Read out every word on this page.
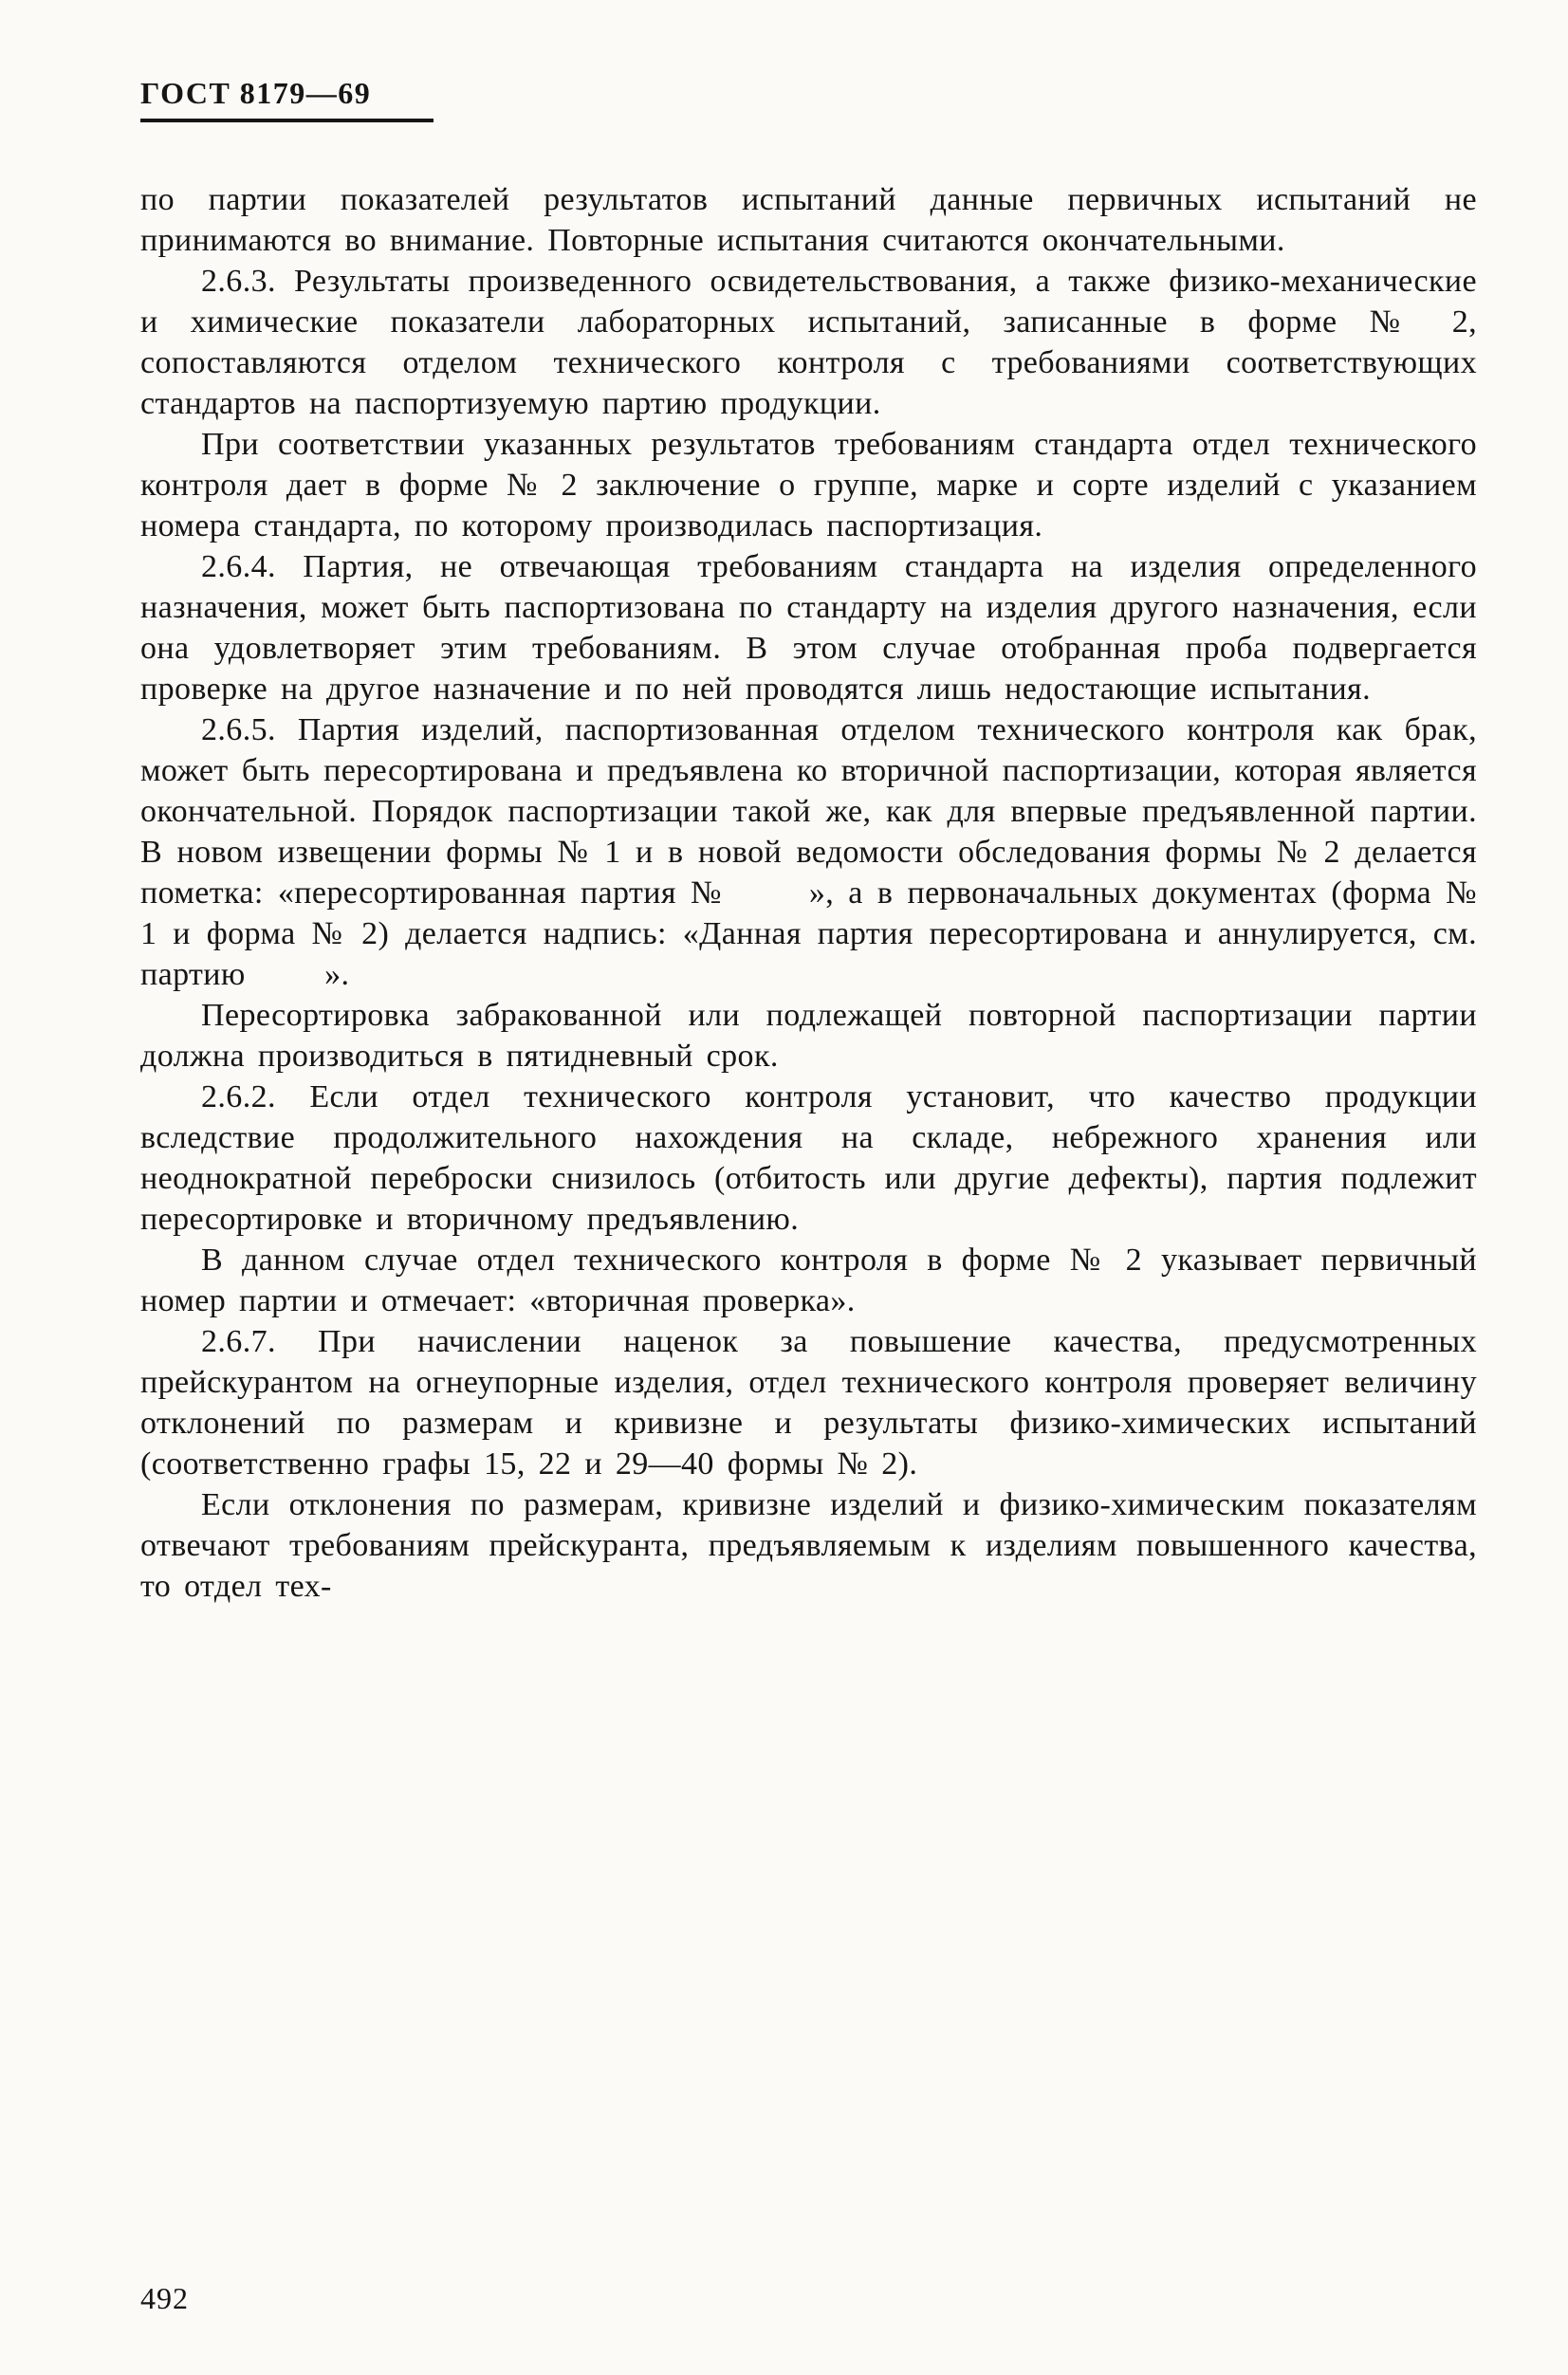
ГОСТ 8179—69

по партии показателей результатов испытаний данные первичных испытаний не принимаются во внимание. Повторные испытания считаются окончательными.

2.6.3. Результаты произведенного освидетельствования, а также физико-механические и химические показатели лабораторных испытаний, записанные в форме № 2, сопоставляются отделом технического контроля с требованиями соответствующих стандартов на паспортизуемую партию продукции.

При соответствии указанных результатов требованиям стандарта отдел технического контроля дает в форме № 2 заключение о группе, марке и сорте изделий с указанием номера стандарта, по которому производилась паспортизация.

2.6.4. Партия, не отвечающая требованиям стандарта на изделия определенного назначения, может быть паспортизована по стандарту на изделия другого назначения, если она удовлетворяет этим требованиям. В этом случае отобранная проба подвергается проверке на другое назначение и по ней проводятся лишь недостающие испытания.

2.6.5. Партия изделий, паспортизованная отделом технического контроля как брак, может быть пересортирована и предъявлена ко вторичной паспортизации, которая является окончательной. Порядок паспортизации такой же, как для впервые предъявленной партии. В новом извещении формы № 1 и в новой ведомости обследования формы № 2 делается пометка: «пересортированная партия №      », а в первоначальных документах (форма № 1 и форма № 2) делается надпись: «Данная партия пересортирована и аннулируется, см. партию      ».

Пересортировка забракованной или подлежащей повторной паспортизации партии должна производиться в пятидневный срок.

2.6.2. Если отдел технического контроля установит, что качество продукции вследствие продолжительного нахождения на складе, небрежного хранения или неоднократной переброски снизилось (отбитость или другие дефекты), партия подлежит пересортировке и вторичному предъявлению.

В данном случае отдел технического контроля в форме № 2 указывает первичный номер партии и отмечает: «вторичная проверка».

2.6.7. При начислении наценок за повышение качества, предусмотренных прейскурантом на огнеупорные изделия, отдел технического контроля проверяет величину отклонений по размерам и кривизне и результаты физико-химических испытаний (соответственно графы 15, 22 и 29—40 формы № 2).

Если отклонения по размерам, кривизне изделий и физико-химическим показателям отвечают требованиям прейскуранта, предъявляемым к изделиям повышенного качества, то отдел тех-

492
